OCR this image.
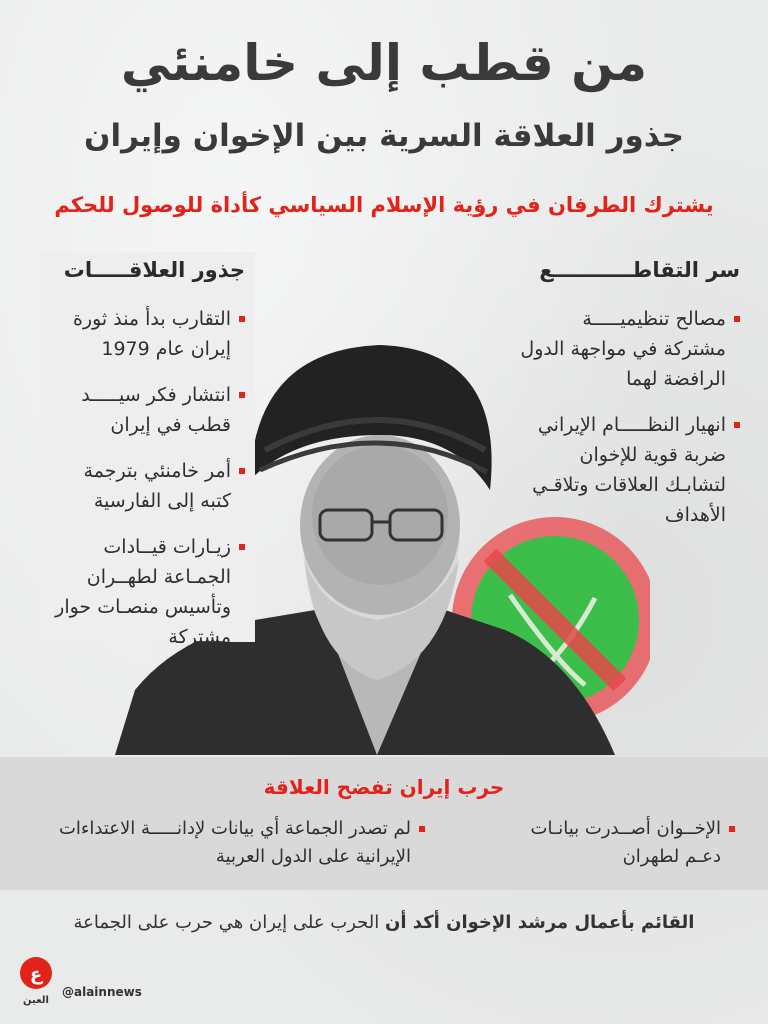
من قطب إلى خامنئي
جذور العلاقة السرية بين الإخوان وإيران
يشترك الطرفان في رؤية الإسلام السياسي كأداة للوصول للحكم
جذور العلاقـــــات
التقارب بدأ منذ ثورة إيران عام 1979
انتشار فكر سيـــــد قطب في إيران
أمر خامنئي بترجمة كتبه إلى الفارسية
زيـارات قيــادات الجمـاعة لطهــران وتأسيس منصـات حوار مشتركة
سر التقاطـــــــــــع
مصالح تنظيميـــــة مشتركة في مواجهة الدول الرافضة لهما
انهيار النظـــــام الإيراني ضربة قوية للإخوان لتشابـك العلاقات وتلاقـي الأهداف
حرب إيران تفضح العلاقة
الإخــوان أصــدرت بيانـات دعـم لطهران
لم تصدر الجماعة أي بيانات لإدانـــــة الاعتداءات الإيرانية على الدول العربية
القائم بأعمال مرشد الإخوان أكد أن الحرب على إيران هي حرب على الجماعة
ع
العين
@alainnews
